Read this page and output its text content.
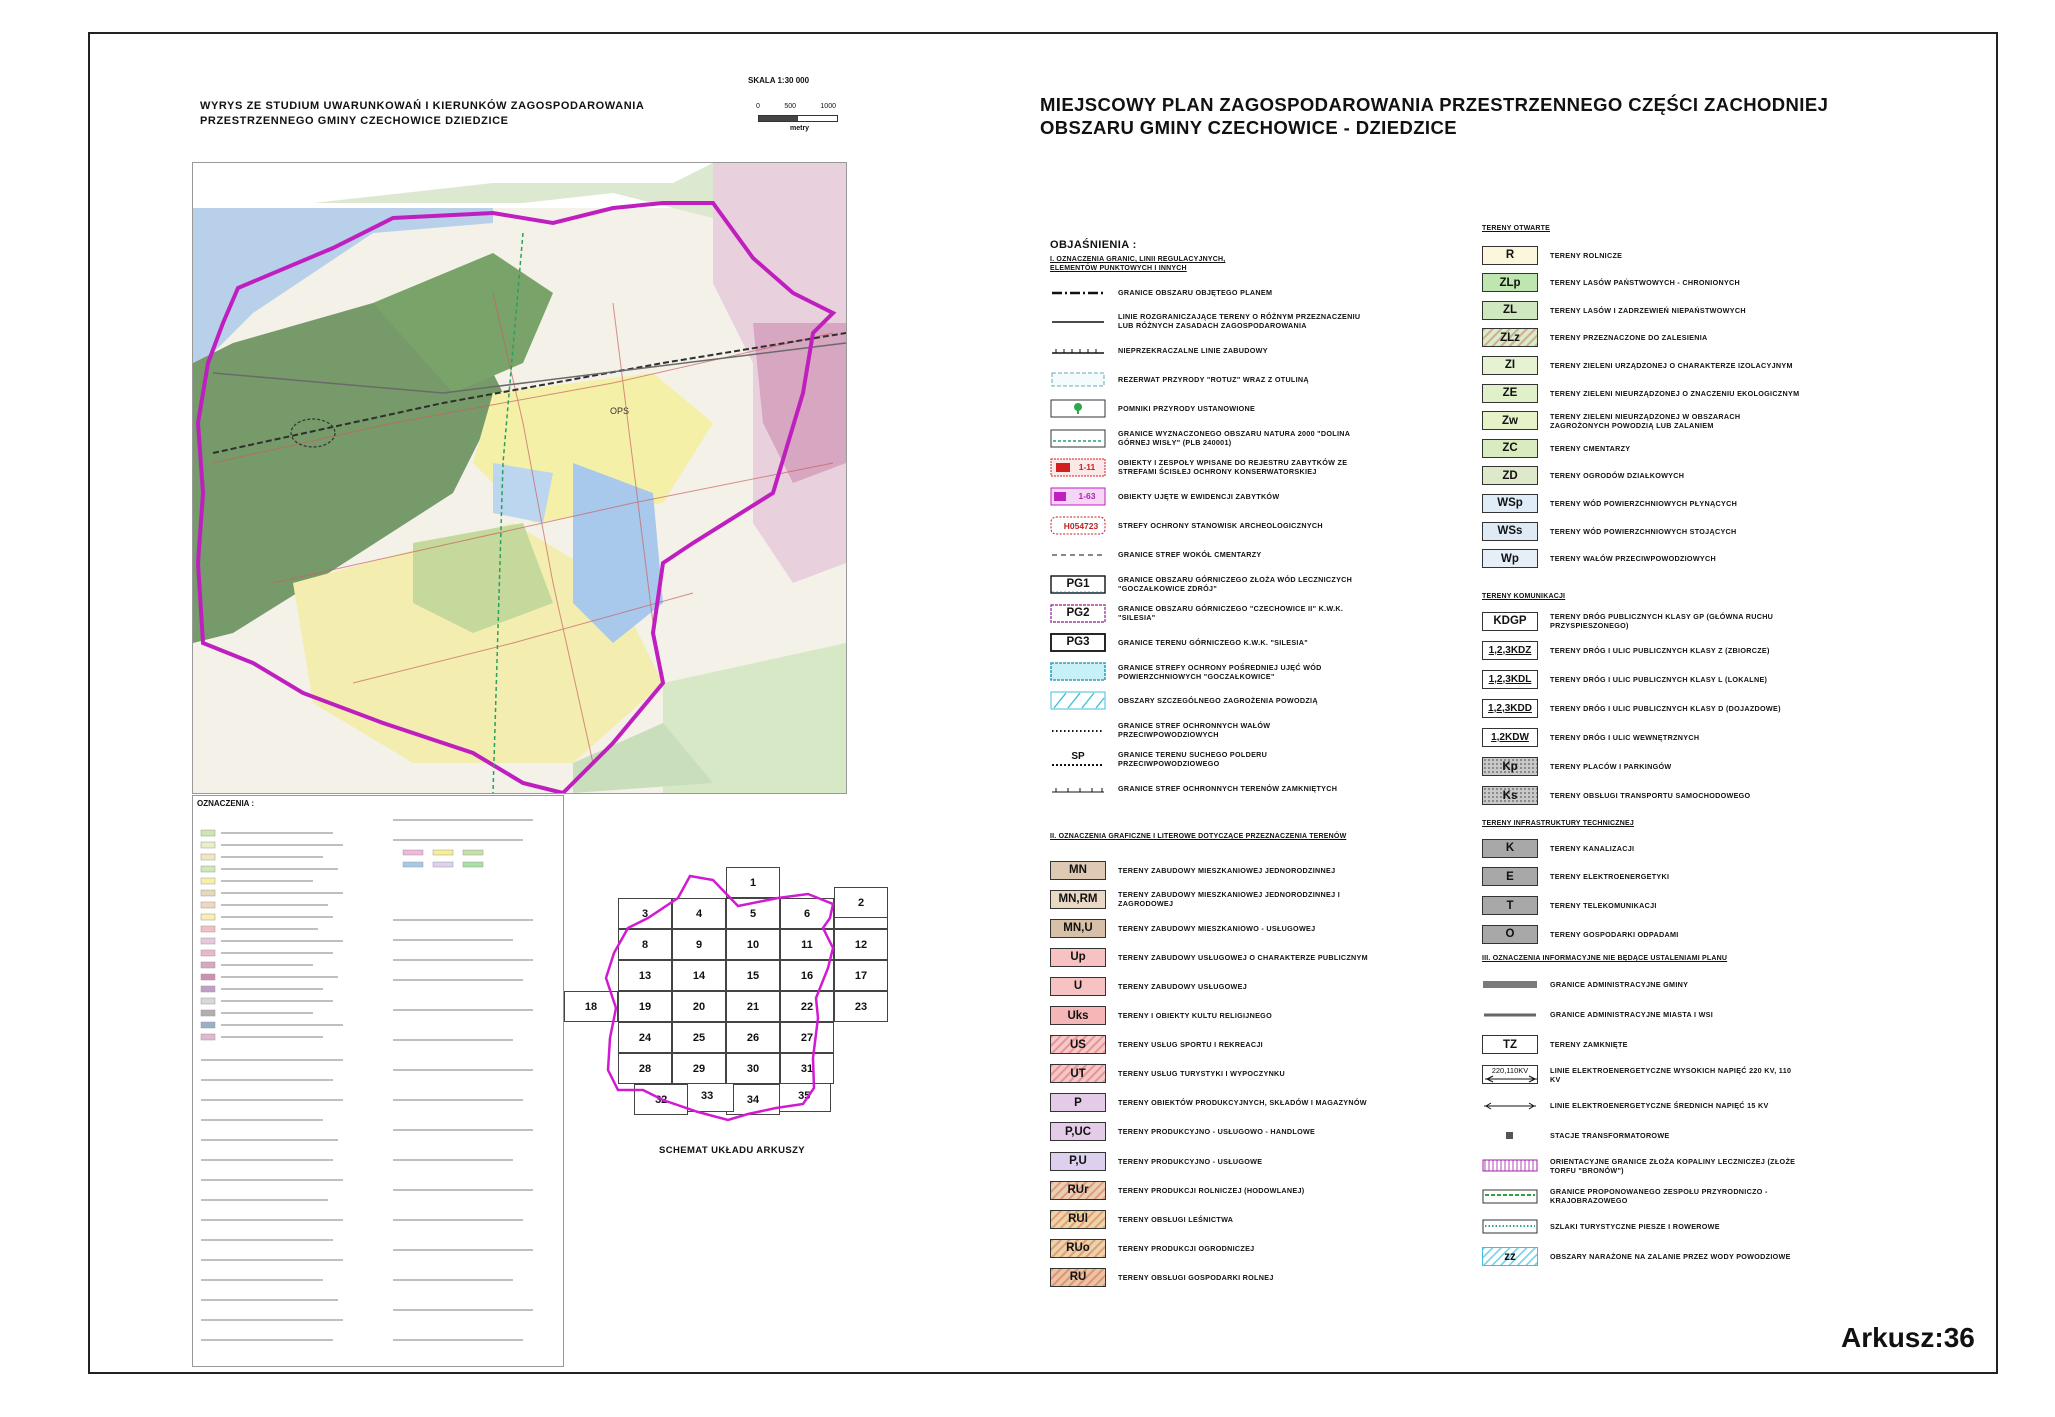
WYRYS ZE STUDIUM UWARUNKOWAŃ I KIERUNKÓW ZAGOSPODAROWANIA PRZESTRZENNEGO GMINY CZECHOWICE DZIEDZICE
SKALA 1:30 000
0	500	1000
metry
MIEJSCOWY PLAN ZAGOSPODAROWANIA PRZESTRZENNEGO CZĘŚCI ZACHODNIEJ OBSZARU GMINY CZECHOWICE - DZIEDZICE
Arkusz:36
OPS
OZNACZENIA :
35
34
33
32
31
30
29
28
27
26
25
24
23
22
21
20
19
18
17
16
15
14
13
12
11
10
9
8
6
5
4
3
2
1
SCHEMAT UKŁADU ARKUSZY
OBJAŚNIENIA :
I. OZNACZENIA GRANIC, LINII REGULACYJNYCH, ELEMENTÓW PUNKTOWYCH I INNYCH
GRANICE OBSZARU OBJĘTEGO PLANEM
LINIE ROZGRANICZAJĄCE TERENY O RÓŻNYM PRZEZNACZENIU LUB RÓŻNYCH ZASADACH ZAGOSPODAROWANIA
NIEPRZEKRACZALNE LINIE ZABUDOWY
REZERWAT PRZYRODY "ROTUZ" WRAZ Z OTULINĄ
POMNIKI PRZYRODY USTANOWIONE
GRANICE WYZNACZONEGO OBSZARU NATURA 2000 "DOLINA GÓRNEJ WISŁY" (PLB 240001)
1-11	OBIEKTY I ZESPOŁY WPISANE DO REJESTRU ZABYTKÓW ZE STREFAMI ŚCISŁEJ OCHRONY KONSERWATORSKIEJ
1-63	OBIEKTY UJĘTE W EWIDENCJI ZABYTKÓW
H054723	STREFY OCHRONY STANOWISK ARCHEOLOGICZNYCH
GRANICE STREF WOKÓŁ CMENTARZY
PG1	GRANICE OBSZARU GÓRNICZEGO ZŁOŻA WÓD LECZNICZYCH "GOCZAŁKOWICE ZDRÓJ"
PG2	GRANICE OBSZARU GÓRNICZEGO "CZECHOWICE II" K.W.K. "SILESIA"
PG3	GRANICE TERENU GÓRNICZEGO K.W.K. "SILESIA"
GRANICE STREFY OCHRONY POŚREDNIEJ UJĘĆ WÓD POWIERZCHNIOWYCH "GOCZAŁKOWICE"
OBSZARY SZCZEGÓLNEGO ZAGROŻENIA POWODZIĄ
GRANICE STREF OCHRONNYCH WAŁÓW PRZECIWPOWODZIOWYCH
SP	GRANICE TERENU SUCHEGO POLDERU PRZECIWPOWODZIOWEGO
GRANICE STREF OCHRONNYCH TERENÓW ZAMKNIĘTYCH
II. OZNACZENIA GRAFICZNE I LITEROWE DOTYCZĄCE PRZEZNACZENIA TERENÓW
MN	TERENY ZABUDOWY MIESZKANIOWEJ JEDNORODZINNEJ
MN,RM	TERENY ZABUDOWY MIESZKANIOWEJ JEDNORODZINNEJ I ZAGRODOWEJ
MN,U	TERENY ZABUDOWY MIESZKANIOWO - USŁUGOWEJ
Up	TERENY ZABUDOWY USŁUGOWEJ O CHARAKTERZE PUBLICZNYM
U	TERENY ZABUDOWY USŁUGOWEJ
Uks	TERENY I OBIEKTY KULTU RELIGIJNEGO
US	TERENY USŁUG SPORTU I REKREACJI
UT	TERENY USŁUG TURYSTYKI I WYPOCZYNKU
P	TERENY OBIEKTÓW PRODUKCYJNYCH, SKŁADÓW I MAGAZYNÓW
P,UC	TERENY PRODUKCYJNO - USŁUGOWO - HANDLOWE
P,U	TERENY PRODUKCYJNO - USŁUGOWE
RUr	TERENY PRODUKCJI ROLNICZEJ (HODOWLANEJ)
RUl	TERENY OBSŁUGI LEŚNICTWA
RUo	TERENY PRODUKCJI OGRODNICZEJ
RU	TERENY OBSŁUGI GOSPODARKI ROLNEJ
TERENY OTWARTE
R	TERENY ROLNICZE
ZLp	TERENY LASÓW PAŃSTWOWYCH - CHRONIONYCH
ZL	TERENY LASÓW I ZADRZEWIEŃ NIEPAŃSTWOWYCH
ZLz	TERENY PRZEZNACZONE DO ZALESIENIA
ZI	TERENY ZIELENI URZĄDZONEJ O CHARAKTERZE IZOLACYJNYM
ZE	TERENY ZIELENI NIEURZĄDZONEJ O ZNACZENIU EKOLOGICZNYM
Zw	TERENY ZIELENI NIEURZĄDZONEJ W OBSZARACH ZAGROŻONYCH POWODZIĄ LUB ZALANIEM
ZC	TERENY CMENTARZY
ZD	TERENY OGRODÓW DZIAŁKOWYCH
WSp	TERENY WÓD POWIERZCHNIOWYCH PŁYNĄCYCH
WSs	TERENY WÓD POWIERZCHNIOWYCH STOJĄCYCH
Wp	TERENY WAŁÓW PRZECIWPOWODZIOWYCH
TERENY KOMUNIKACJI
KDGP	TERENY DRÓG PUBLICZNYCH KLASY GP (GŁÓWNA RUCHU PRZYSPIESZONEGO)
1,2,3KDZ	TERENY DRÓG I ULIC PUBLICZNYCH KLASY Z (ZBIORCZE)
1,2,3KDL	TERENY DRÓG I ULIC PUBLICZNYCH KLASY L (LOKALNE)
1,2,3KDD	TERENY DRÓG I ULIC PUBLICZNYCH KLASY D (DOJAZDOWE)
1,2KDW	TERENY DRÓG I ULIC WEWNĘTRZNYCH
Kp	TERENY PLACÓW I PARKINGÓW
Ks	TERENY OBSŁUGI TRANSPORTU SAMOCHODOWEGO
TERENY INFRASTRUKTURY TECHNICZNEJ
K	TERENY KANALIZACJI
E	TERENY ELEKTROENERGETYKI
T	TERENY TELEKOMUNIKACJI
O	TERENY GOSPODARKI ODPADAMI
III. OZNACZENIA INFORMACYJNE NIE BĘDĄCE USTALENIAMI PLANU
GRANICE ADMINISTRACYJNE GMINY
GRANICE ADMINISTRACYJNE MIASTA I WSI
TZ	TERENY ZAMKNIĘTE
220,110KV	LINIE ELEKTROENERGETYCZNE WYSOKICH NAPIĘĆ 220 KV, 110 KV
LINIE ELEKTROENERGETYCZNE ŚREDNICH NAPIĘĆ 15 KV
STACJE TRANSFORMATOROWE
ORIENTACYJNE GRANICE ZŁOŻA KOPALINY LECZNICZEJ (ZŁOŻE TORFU "BRONÓW")
GRANICE PROPONOWANEGO ZESPOŁU PRZYRODNICZO - KRAJOBRAZOWEGO
SZLAKI TURYSTYCZNE PIESZE I ROWEROWE
zz	OBSZARY NARAŻONE NA ZALANIE PRZEZ WODY POWODZIOWE
